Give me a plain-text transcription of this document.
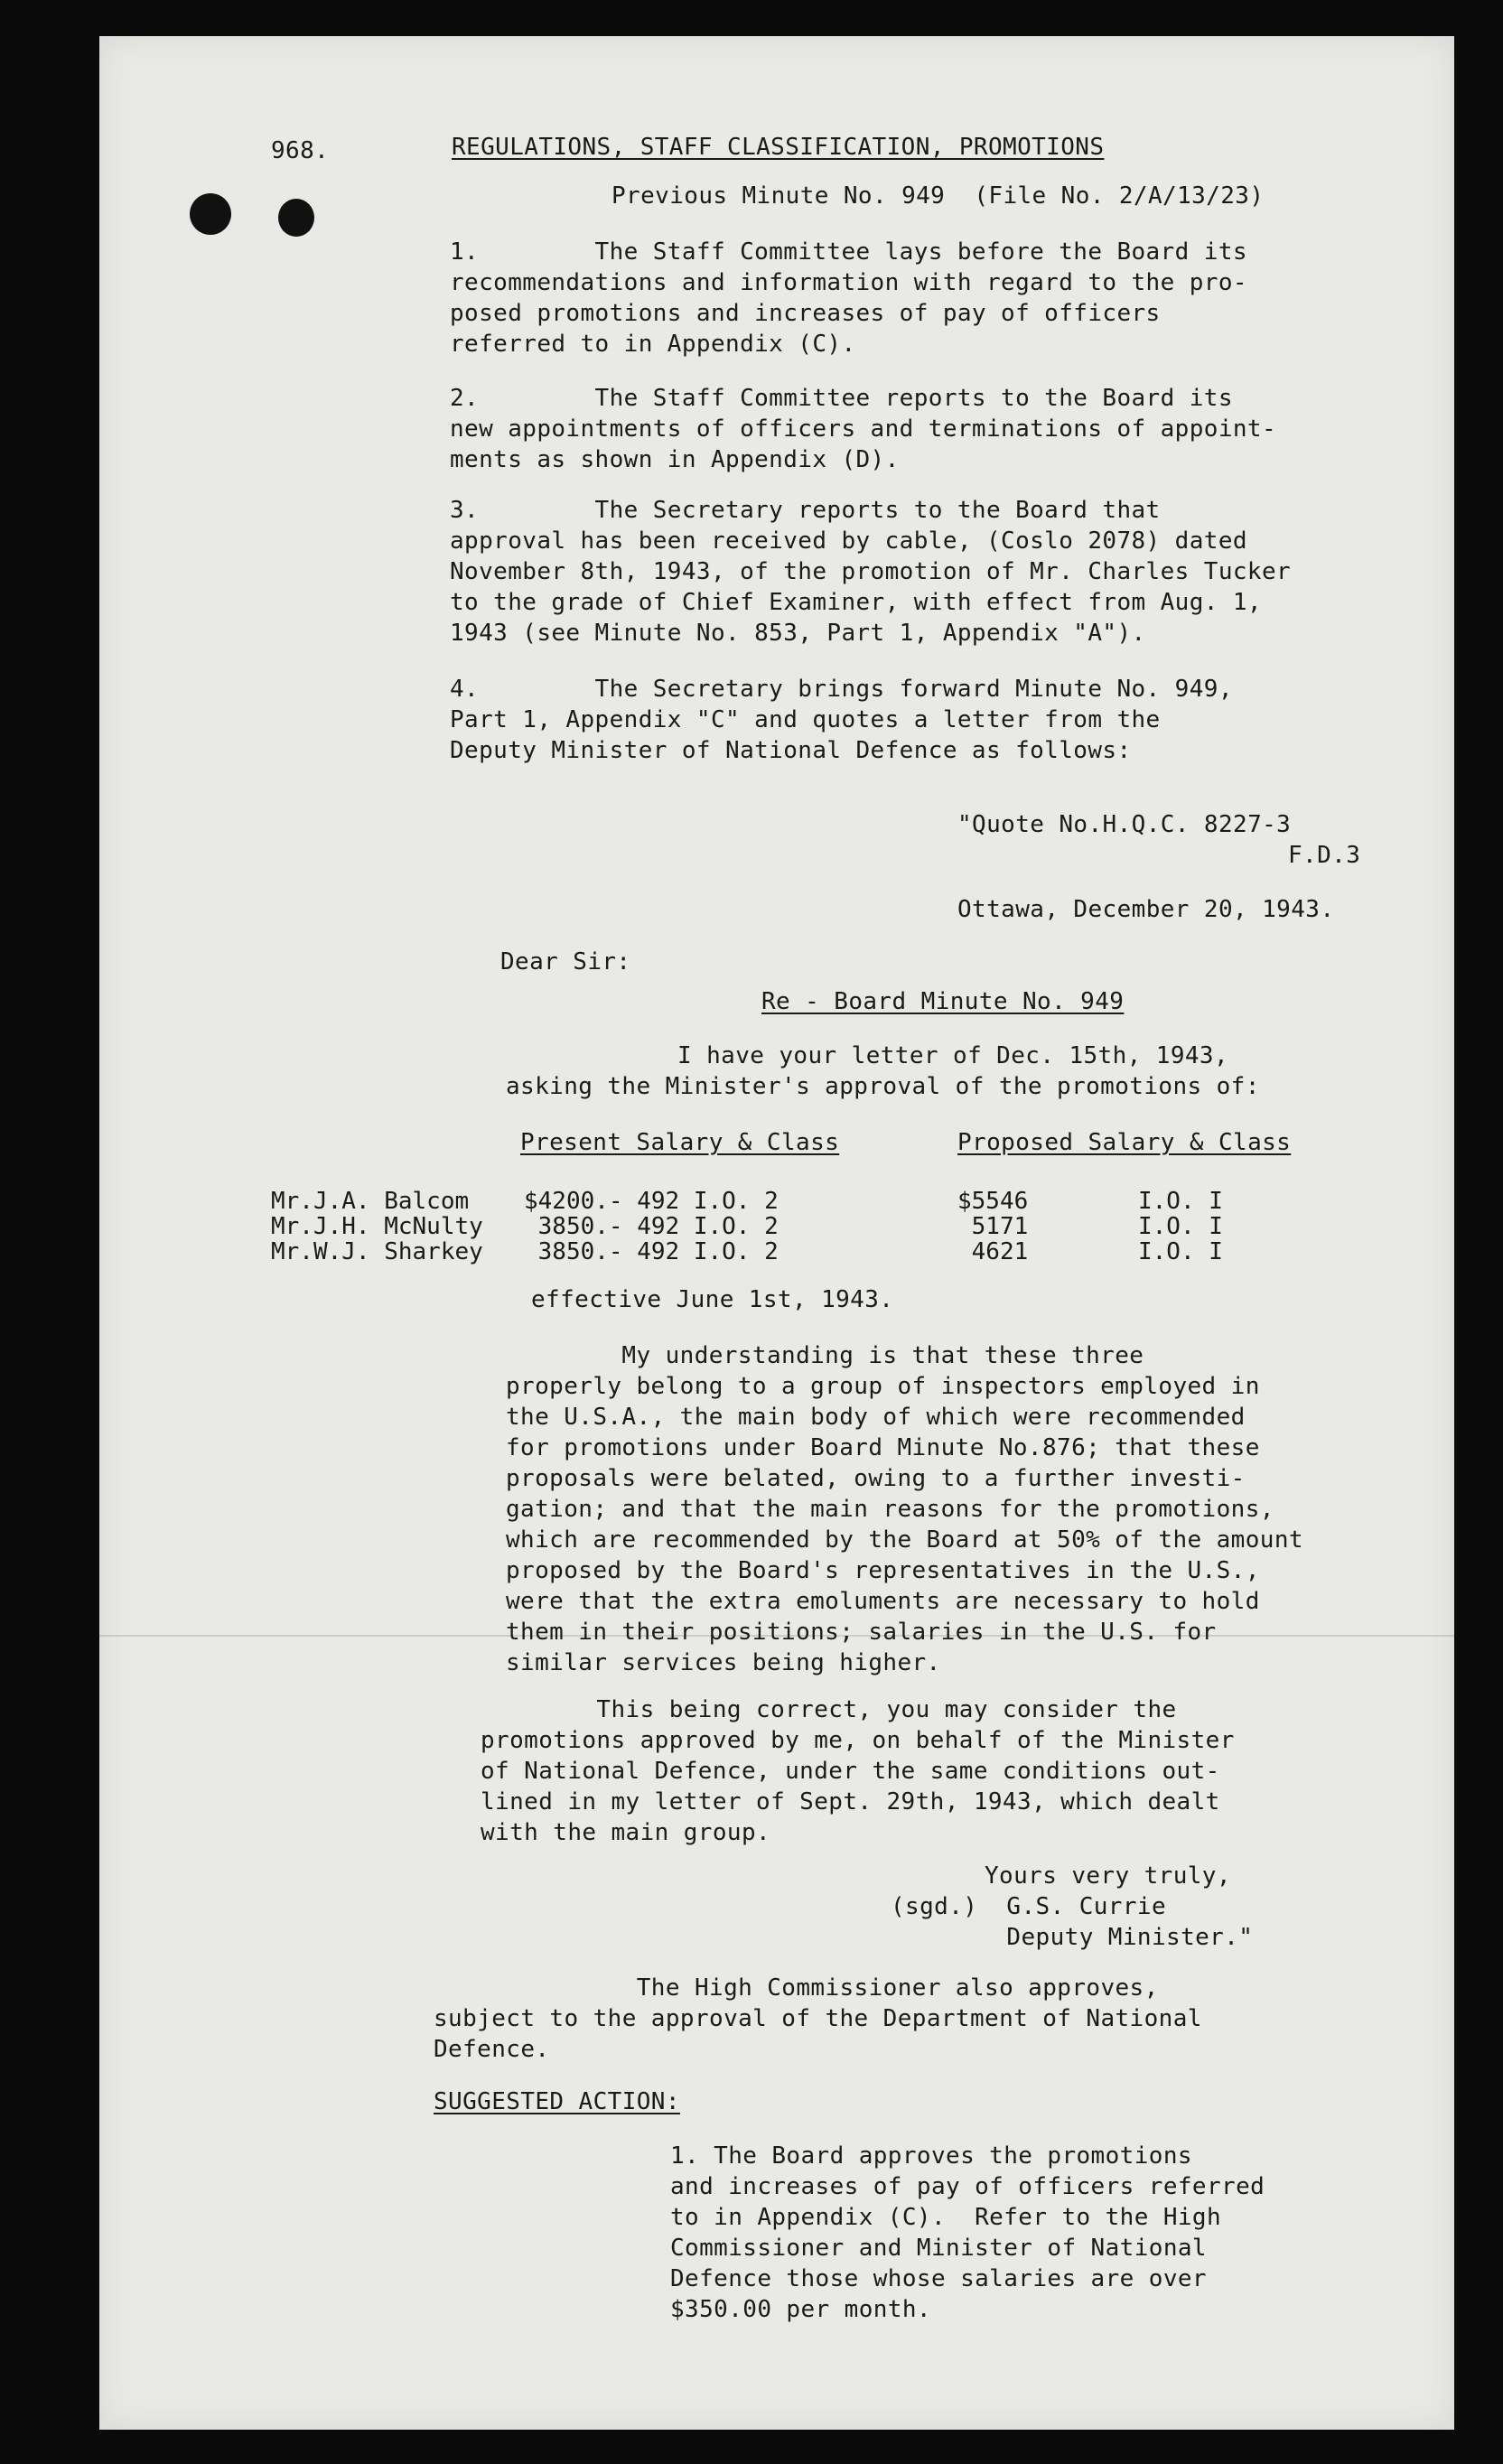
968.	REGULATIONS, STAFF CLASSIFICATION, PROMOTIONS
Previous Minute No. 949  (File No. 2/A/13/23)
1.        The Staff Committee lays before the Board its
recommendations and information with regard to the pro-
posed promotions and increases of pay of officers
referred to in Appendix (C).
2.        The Staff Committee reports to the Board its
new appointments of officers and terminations of appoint-
ments as shown in Appendix (D).
3.        The Secretary reports to the Board that
approval has been received by cable, (Coslo 2078) dated
November 8th, 1943, of the promotion of Mr. Charles Tucker
to the grade of Chief Examiner, with effect from Aug. 1,
1943 (see Minute No. 853, Part 1, Appendix "A").
4.        The Secretary brings forward Minute No. 949,
Part 1, Appendix "C" and quotes a letter from the
Deputy Minister of National Defence as follows:
"Quote No.H.Q.C. 8227-3
F.D.3
Ottawa, December 20, 1943.
Dear Sir:
Re - Board Minute No. 949
I have your letter of Dec. 15th, 1943,
asking the Minister's approval of the promotions of:
Present Salary & Class	Proposed Salary & Class
Mr.J.A. Balcom	$4200.- 492 I.O. 2	$5546	I.O. I
Mr.J.H. McNulty	3850.- 492 I.O. 2	5171	I.O. I
Mr.W.J. Sharkey	3850.- 492 I.O. 2	4621	I.O. I
effective June 1st, 1943.
My understanding is that these three
properly belong to a group of inspectors employed in
the U.S.A., the main body of which were recommended
for promotions under Board Minute No.876; that these
proposals were belated, owing to a further investi-
gation; and that the main reasons for the promotions,
which are recommended by the Board at 50% of the amount
proposed by the Board's representatives in the U.S.,
were that the extra emoluments are necessary to hold
them in their positions; salaries in the U.S. for
similar services being higher.
This being correct, you may consider the
promotions approved by me, on behalf of the Minister
of National Defence, under the same conditions out-
lined in my letter of Sept. 29th, 1943, which dealt
with the main group.
Yours very truly,
(sgd.)  G.S. Currie
Deputy Minister."
The High Commissioner also approves,
subject to the approval of the Department of National
Defence.
SUGGESTED ACTION:
1. The Board approves the promotions
and increases of pay of officers referred
to in Appendix (C).  Refer to the High
Commissioner and Minister of National
Defence those whose salaries are over
$350.00 per month.
